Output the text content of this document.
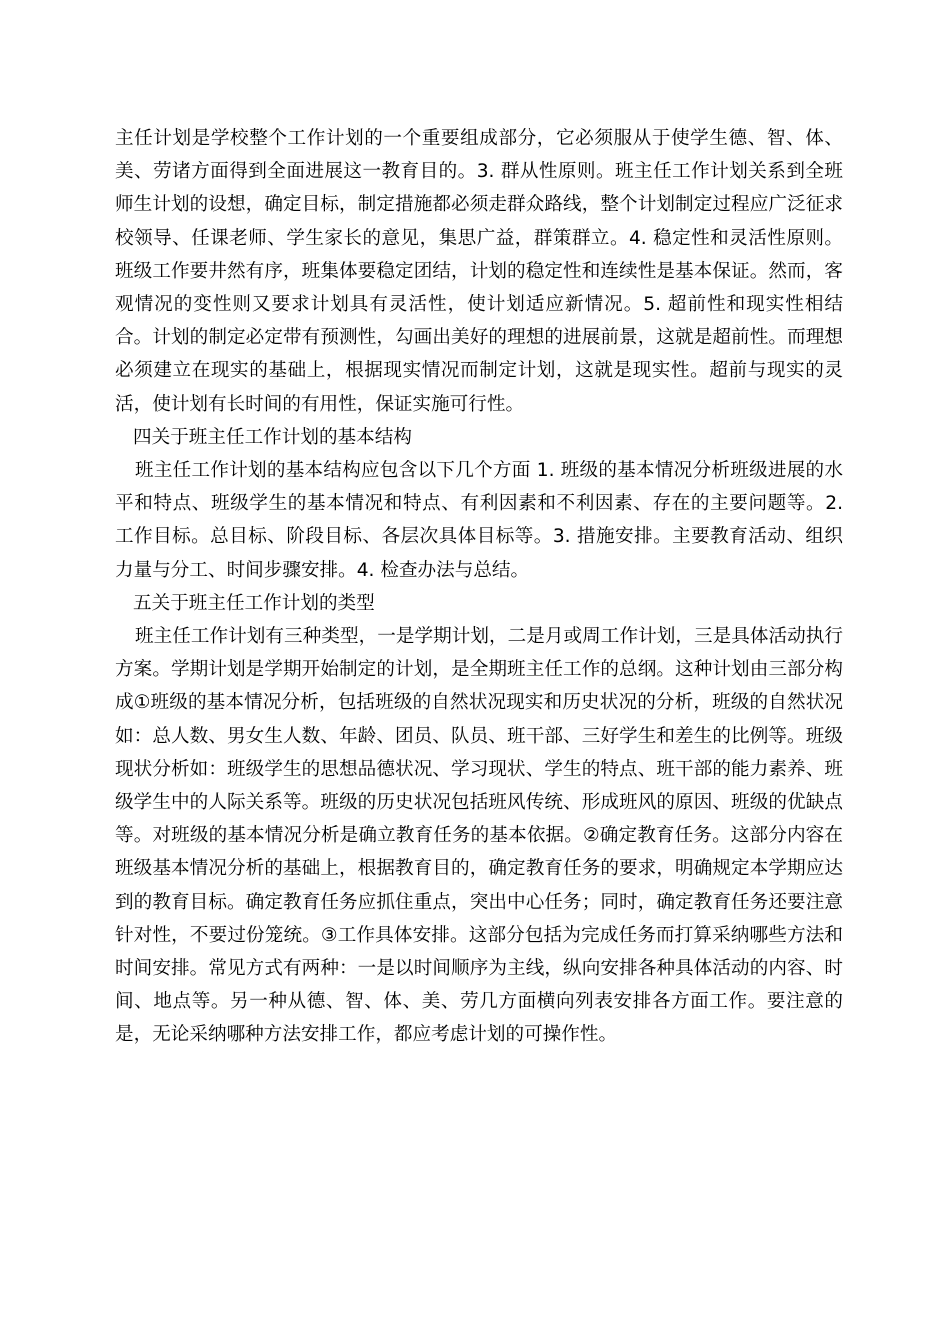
主任计划是学校整个工作计划的一个重要组成部分，它必须服从于使学生德、智、体、美、劳诸方面得到全面进展这一教育目的。3. 群从性原则。班主任工作计划关系到全班师生计划的设想，确定目标，制定措施都必须走群众路线，整个计划制定过程应广泛征求校领导、任课老师、学生家长的意见，集思广益，群策群立。4. 稳定性和灵活性原则。班级工作要井然有序，班集体要稳定团结，计划的稳定性和连续性是基本保证。然而，客观情况的变性则又要求计划具有灵活性，使计划适应新情况。5. 超前性和现实性相结合。计划的制定必定带有预测性，勾画出美好的理想的进展前景，这就是超前性。而理想必须建立在现实的基础上，根据现实情况而制定计划，这就是现实性。超前与现实的灵活，使计划有长时间的有用性，保证实施可行性。

四关于班主任工作计划的基本结构

班主任工作计划的基本结构应包含以下几个方面 1. 班级的基本情况分析班级进展的水平和特点、班级学生的基本情况和特点、有利因素和不利因素、存在的主要问题等。2. 工作目标。总目标、阶段目标、各层次具体目标等。3. 措施安排。主要教育活动、组织力量与分工、时间步骤安排。4. 检查办法与总结。

五关于班主任工作计划的类型

班主任工作计划有三种类型，一是学期计划，二是月或周工作计划，三是具体活动执行方案。学期计划是学期开始制定的计划，是全期班主任工作的总纲。这种计划由三部分构成①班级的基本情况分析，包括班级的自然状况现实和历史状况的分析，班级的自然状况如：总人数、男女生人数、年龄、团员、队员、班干部、三好学生和差生的比例等。班级现状分析如：班级学生的思想品德状况、学习现状、学生的特点、班干部的能力素养、班级学生中的人际关系等。班级的历史状况包括班风传统、形成班风的原因、班级的优缺点等。对班级的基本情况分析是确立教育任务的基本依据。②确定教育任务。这部分内容在班级基本情况分析的基础上，根据教育目的，确定教育任务的要求，明确规定本学期应达到的教育目标。确定教育任务应抓住重点，突出中心任务；同时，确定教育任务还要注意针对性，不要过份笼统。③工作具体安排。这部分包括为完成任务而打算采纳哪些方法和时间安排。常见方式有两种：一是以时间顺序为主线，纵向安排各种具体活动的内容、时间、地点等。另一种从德、智、体、美、劳几方面横向列表安排各方面工作。要注意的是，无论采纳哪种方法安排工作，都应考虑计划的可操作性。
